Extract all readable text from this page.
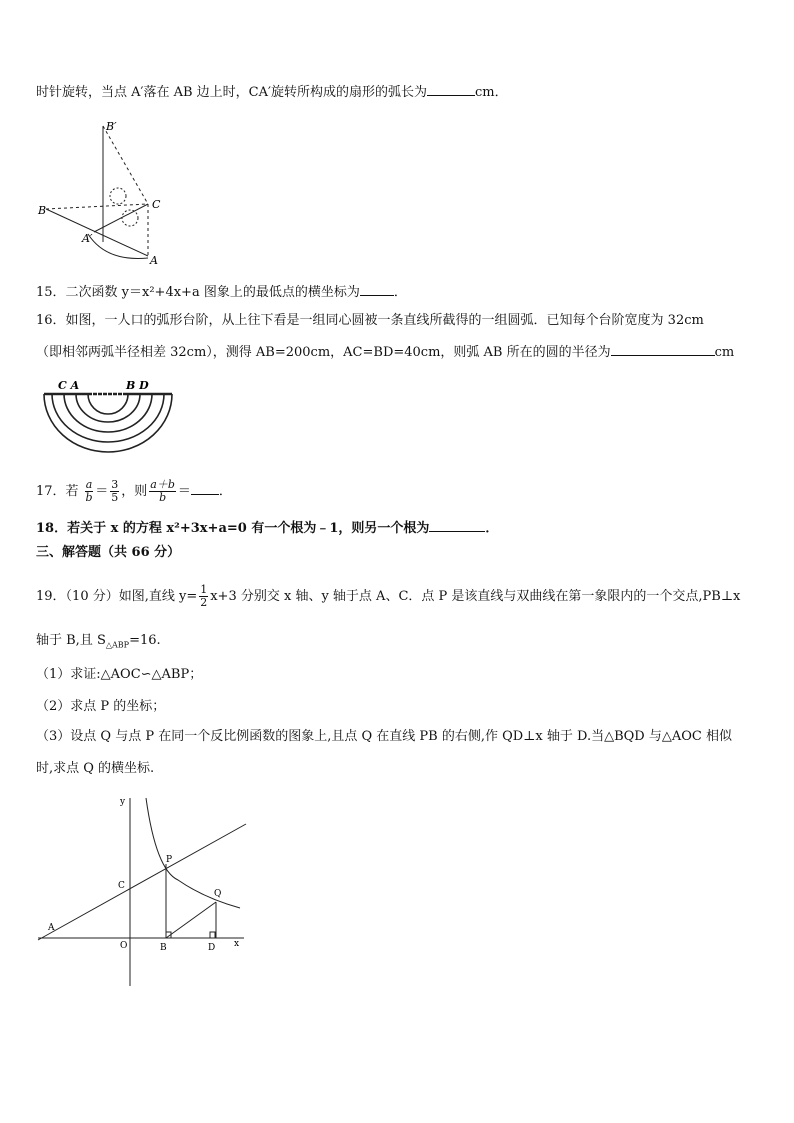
时针旋转，当点 A′落在 AB 边上时，CA′旋转所构成的扇形的弧长为	cm．
B′
B	C
A′
A
15．二次函数 y＝x²+4x+a 图象上的最低点的横坐标为	．
16．如图，一人口的弧形台阶，从上往下看是一组同心圆被一条直线所截得的一组圆弧．已知每个台阶宽度为 32cm
（即相邻两弧半径相差 32cm），测得 AB=200cm，AC=BD=40cm，则弧 AB 所在的圆的半径为	cm
C A	B D
17．若 $\frac{a}{b} = \frac{3}{5}$ ，则 $\frac{a+b}{b}$ ＝ ．
18．若关于 x 的方程 x²+3x+a=0 有一个根为﹣1，则另一个根为	．
三、解答题（共 66 分）
19．（10 分）如图,直线 $y= \frac{1}{2} x+3$ 分别交 x 轴、y 轴于点 A、C．点 P 是该直线与双曲线在第一象限内的一个交点,PB⊥x
轴于 B,且 $S_{\triangle ABP}=16$.
（1）求证:△AOC∽△ABP；
（2）求点 P 的坐标；
（3）设点 Q 与点 P 在同一个反比例函数的图象上,且点 Q 在直线 PB 的右侧,作 QD⊥x 轴于 D.当△BQD 与△AOC 相似
时,求点 Q 的横坐标.
y
x
O
A
B
C
D
P
Q
